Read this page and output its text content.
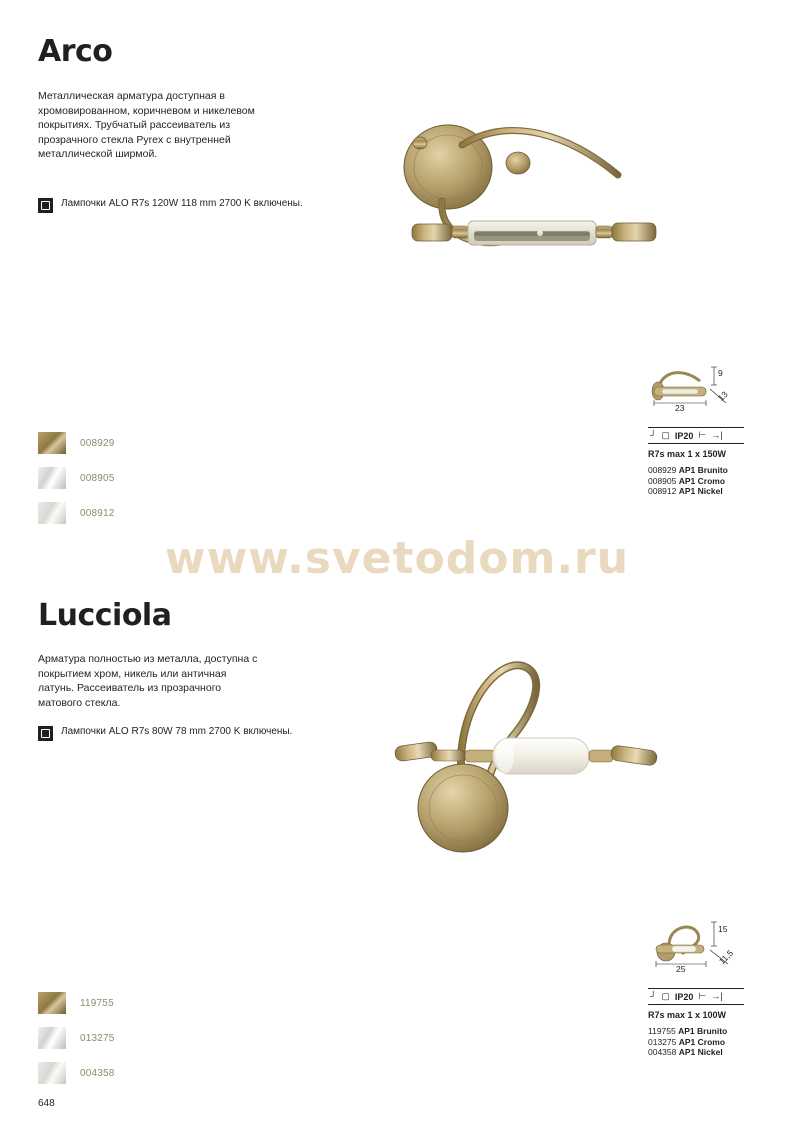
Arco
Металлическая арматура доступная в хромовированном, коричневом и никелевом покрытиях. Трубчатый рассеиватель из прозрачного стекла Pyrex с внутренней металлической ширмой.
Лампочки ALO R7s 120W 118 mm 2700 K включены.
008929
008905
008912
23
9
13
┘ ▢ IP20 ⊢ →|
R7s max 1 x 150W
008929 AP1 Brunito
008905 AP1 Cromo
008912 AP1 Nickel
www.svetodom.ru
Lucciola
Арматура полностью из металла, доступна с покрытием хром, никель или античная латунь. Рассеиватель из прозрачного матового стекла.
Лампочки ALO R7s 80W 78 mm 2700 K включены.
119755
013275
004358
25
15
11,5
┘ ▢ IP20 ⊢ →|
R7s max 1 x 100W
119755 AP1 Brunito
013275 AP1 Cromo
004358 AP1 Nickel
648
